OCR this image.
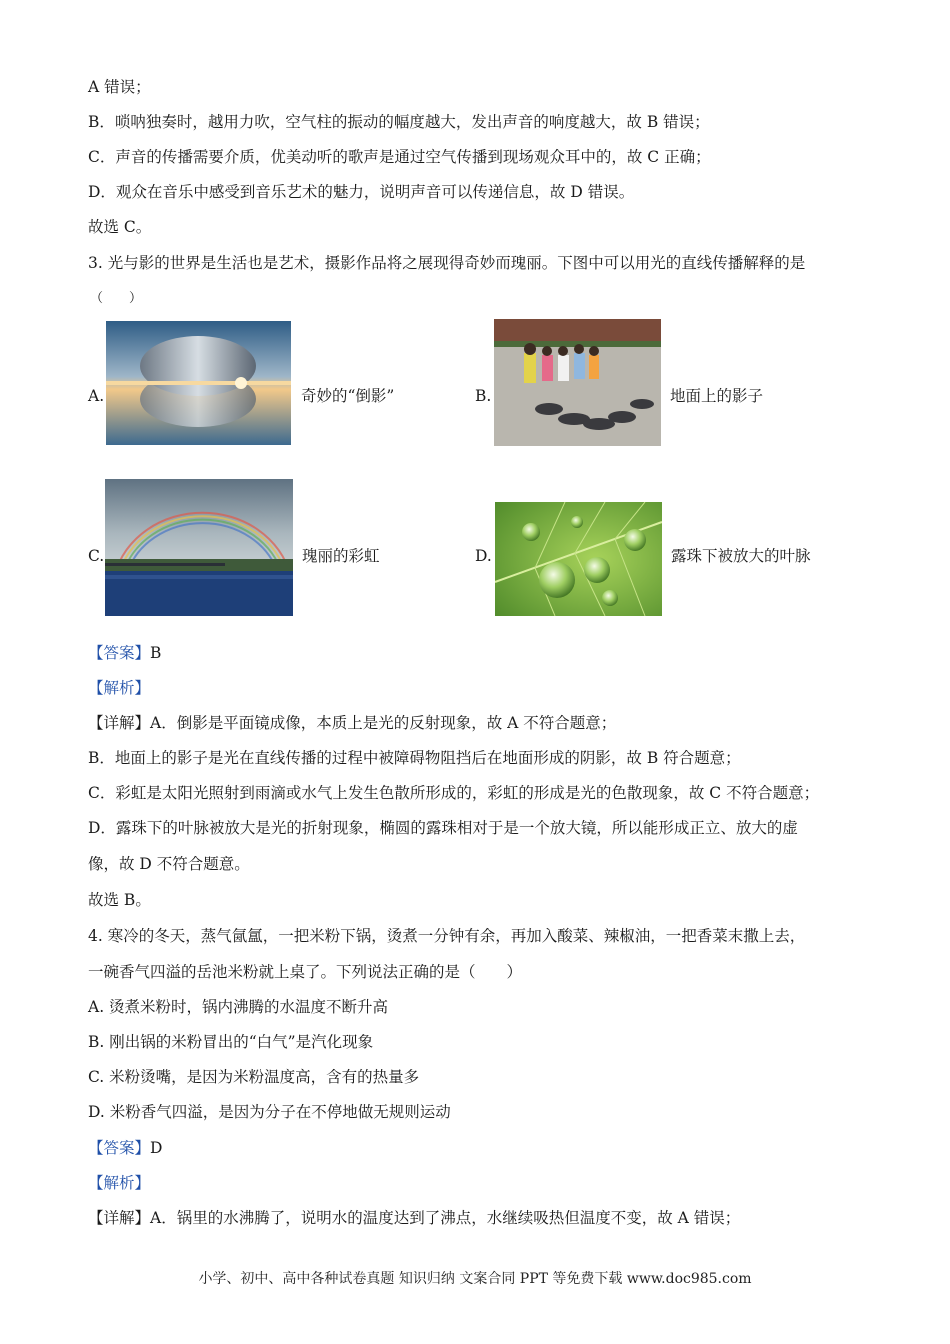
A 错误；
B．唢呐独奏时，越用力吹，空气柱的振动的幅度越大，发出声音的响度越大，故 B 错误；
C．声音的传播需要介质，优美动听的歌声是通过空气传播到现场观众耳中的，故 C 正确；
D．观众在音乐中感受到音乐艺术的魅力，说明声音可以传递信息，故 D 错误。
故选 C。
3. 光与影的世界是生活也是艺术，摄影作品将之展现得奇妙而瑰丽。下图中可以用光的直线传播解释的是
（　　）
A.	奇妙的“倒影”	B.	地面上的影子
C.	瑰丽的彩虹	D.	露珠下被放大的叶脉
【答案】B
【解析】
【详解】A．倒影是平面镜成像，本质上是光的反射现象，故 A 不符合题意；
B．地面上的影子是光在直线传播的过程中被障碍物阻挡后在地面形成的阴影，故 B 符合题意；
C．彩虹是太阳光照射到雨滴或水气上发生色散所形成的，彩虹的形成是光的色散现象，故 C 不符合题意；
D．露珠下的叶脉被放大是光的折射现象，椭圆的露珠相对于是一个放大镜，所以能形成正立、放大的虚
像，故 D 不符合题意。
故选 B。
4. 寒冷的冬天，蒸气氤氲，一把米粉下锅，烫煮一分钟有余，再加入酸菜、辣椒油，一把香菜末撒上去，
一碗香气四溢的岳池米粉就上桌了。下列说法正确的是（　　）
A. 烫煮米粉时，锅内沸腾的水温度不断升高
B. 刚出锅的米粉冒出的“白气”是汽化现象
C. 米粉烫嘴，是因为米粉温度高，含有的热量多
D. 米粉香气四溢，是因为分子在不停地做无规则运动
【答案】D
【解析】
【详解】A．锅里的水沸腾了，说明水的温度达到了沸点，水继续吸热但温度不变，故 A 错误；
小学、初中、高中各种试卷真题 知识归纳 文案合同 PPT 等免费下载 www.doc985.com
